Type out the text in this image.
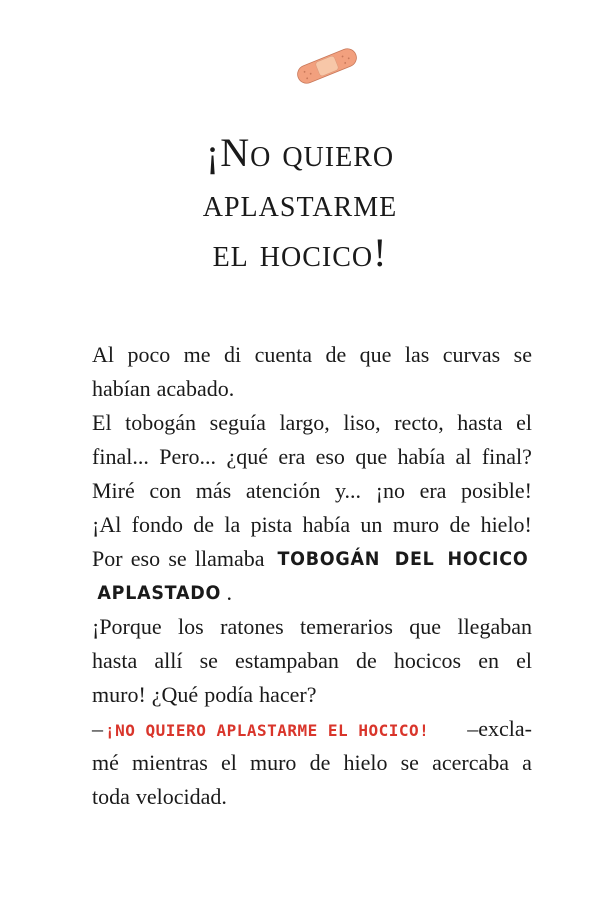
¡No quiero
aplastarme
el hocico!
Al poco me di cuenta de que las curvas se
habían acabado.
El tobogán seguía largo, liso, recto, hasta el
final... Pero... ¿qué era eso que había al final?
Miré con más atención y... ¡no era posible!
¡Al fondo de la pista había un muro de hielo!
Por eso se llamaba TOBOGÁN DEL HOCICO
APLASTADO .
¡Porque los ratones temerarios que llegaban
hasta allí se estampaban de hocicos en el
muro! ¿Qué podía hacer?
– ¡NO QUIERO APLASTARME EL HOCICO! –excla-
mé mientras el muro de hielo se acercaba a
toda velocidad.
